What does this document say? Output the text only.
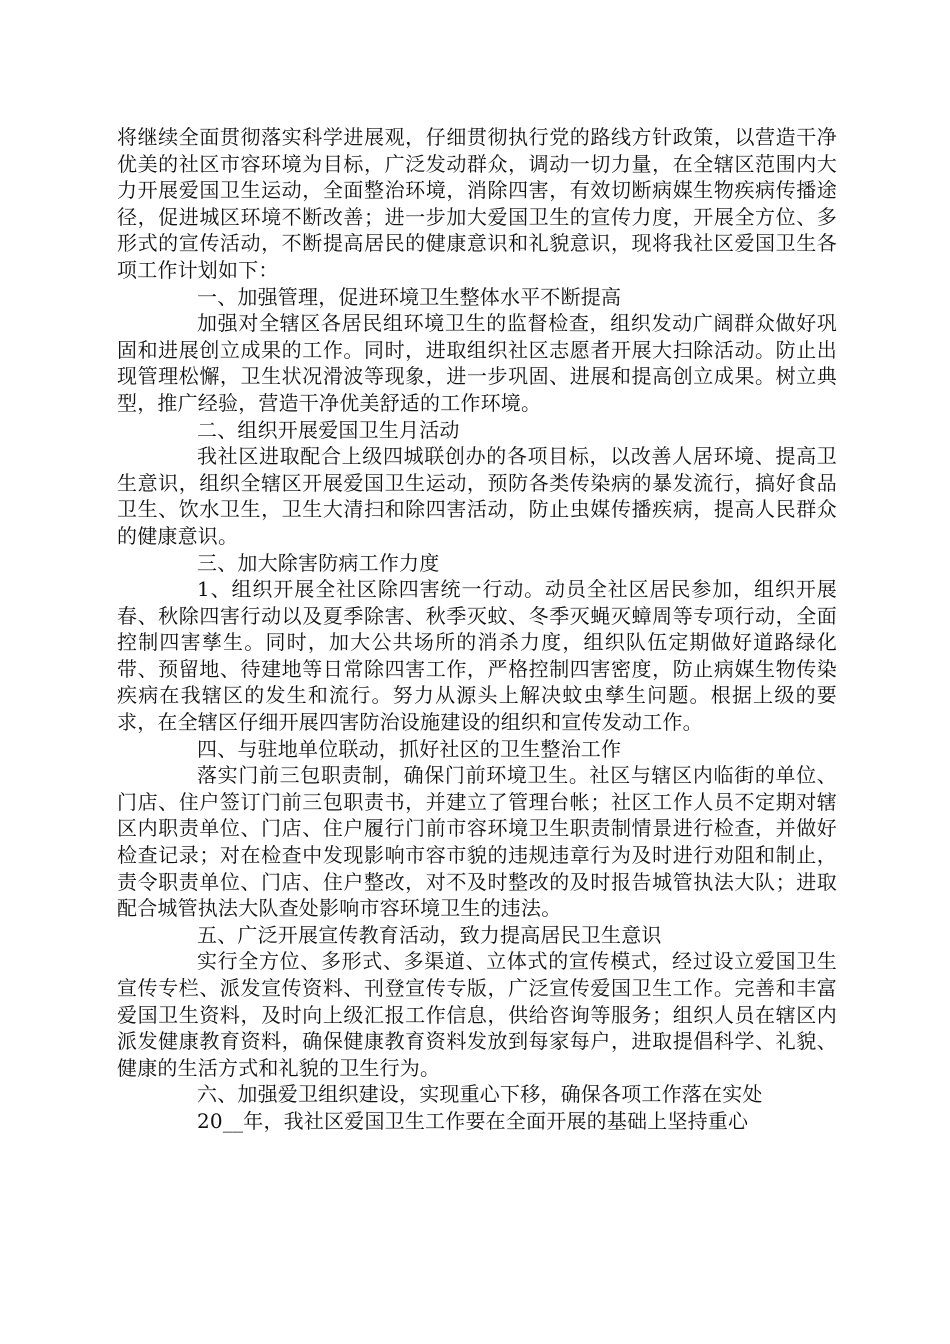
将继续全面贯彻落实科学进展观，仔细贯彻执行党的路线方针政策，以营造干净优美的社区市容环境为目标，广泛发动群众，调动一切力量，在全辖区范围内大力开展爱国卫生运动，全面整治环境，消除四害，有效切断病媒生物疾病传播途径，促进城区环境不断改善；进一步加大爱国卫生的宣传力度，开展全方位、多形式的宣传活动，不断提高居民的健康意识和礼貌意识，现将我社区爱国卫生各项工作计划如下：

一、加强管理，促进环境卫生整体水平不断提高

加强对全辖区各居民组环境卫生的监督检查，组织发动广阔群众做好巩固和进展创立成果的工作。同时，进取组织社区志愿者开展大扫除活动。防止出现管理松懈，卫生状况滑波等现象，进一步巩固、进展和提高创立成果。树立典型，推广经验，营造干净优美舒适的工作环境。

二、组织开展爱国卫生月活动

我社区进取配合上级四城联创办的各项目标，以改善人居环境、提高卫生意识，组织全辖区开展爱国卫生运动，预防各类传染病的暴发流行，搞好食品卫生、饮水卫生，卫生大清扫和除四害活动，防止虫媒传播疾病，提高人民群众的健康意识。

三、加大除害防病工作力度

1、组织开展全社区除四害统一行动。动员全社区居民参加，组织开展春、秋除四害行动以及夏季除害、秋季灭蚊、冬季灭蝇灭蟑周等专项行动，全面控制四害孳生。同时，加大公共场所的消杀力度，组织队伍定期做好道路绿化带、预留地、待建地等日常除四害工作，严格控制四害密度，防止病媒生物传染疾病在我辖区的发生和流行。努力从源头上解决蚊虫孳生问题。根据上级的要求，在全辖区仔细开展四害防治设施建设的组织和宣传发动工作。

四、与驻地单位联动，抓好社区的卫生整治工作

落实门前三包职责制，确保门前环境卫生。社区与辖区内临街的单位、门店、住户签订门前三包职责书，并建立了管理台帐；社区工作人员不定期对辖区内职责单位、门店、住户履行门前市容环境卫生职责制情景进行检查，并做好检查记录；对在检查中发现影响市容市貌的违规违章行为及时进行劝阻和制止，责令职责单位、门店、住户整改，对不及时整改的及时报告城管执法大队；进取配合城管执法大队查处影响市容环境卫生的违法。

五、广泛开展宣传教育活动，致力提高居民卫生意识

实行全方位、多形式、多渠道、立体式的宣传模式，经过设立爱国卫生宣传专栏、派发宣传资料、刊登宣传专版，广泛宣传爱国卫生工作。完善和丰富爱国卫生资料，及时向上级汇报工作信息，供给咨询等服务；组织人员在辖区内派发健康教育资料，确保健康教育资料发放到每家每户，进取提倡科学、礼貌、健康的生活方式和礼貌的卫生行为。

六、加强爱卫组织建设，实现重心下移，确保各项工作落在实处

20__年，我社区爱国卫生工作要在全面开展的基础上坚持重心
